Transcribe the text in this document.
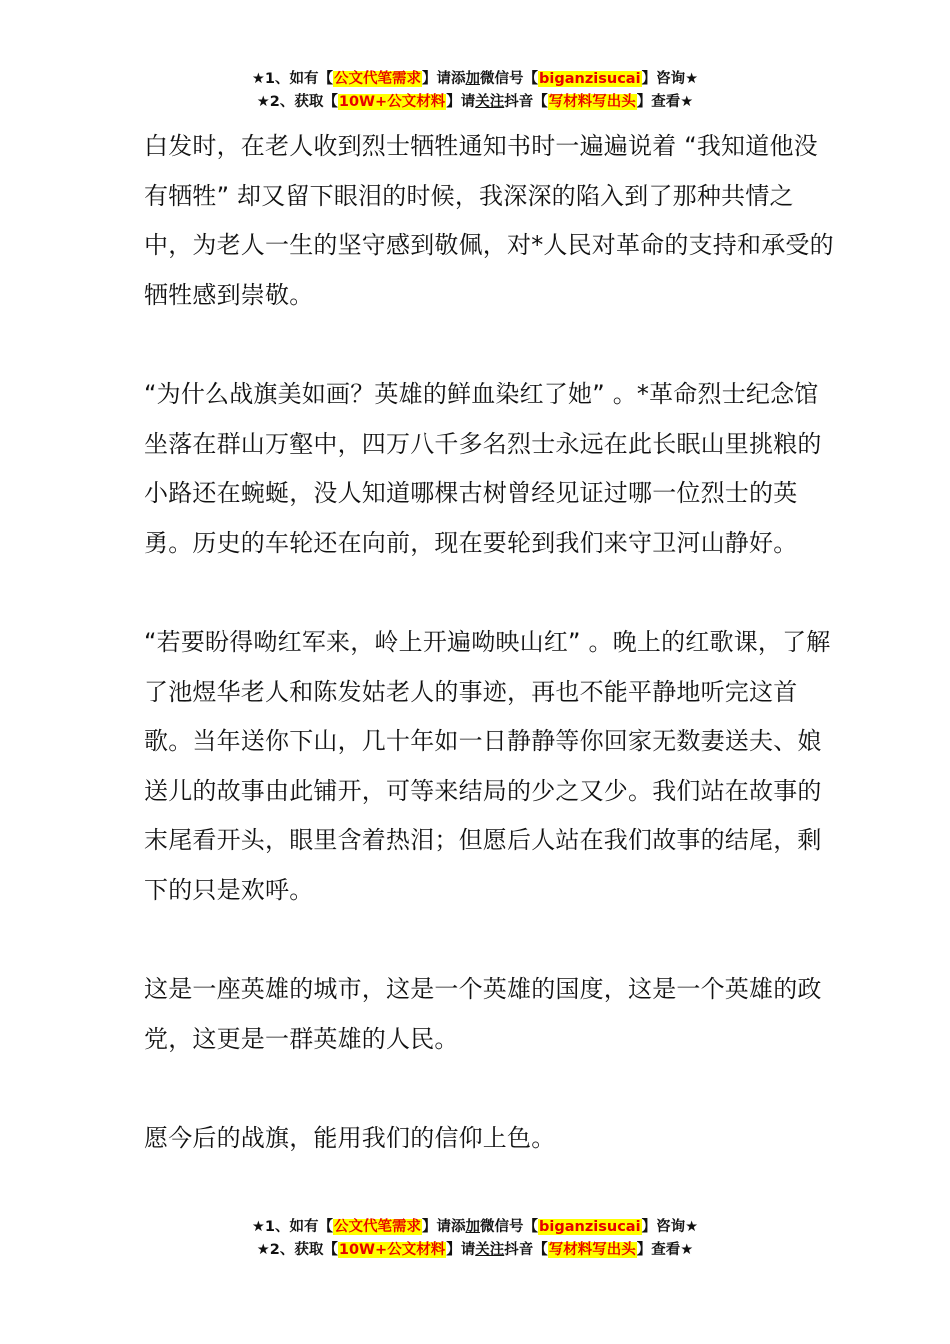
★1、如有【公文代笔需求】请添加微信号【biganzisucai】咨询★
★2、获取【10W+公文材料】请关注抖音【写材料写出头】查看★

白发时，在老人收到烈士牺牲通知书时一遍遍说着 “我知道他没有牺牲” 却又留下眼泪的时候，我深深的陷入到了那种共情之中，为老人一生的坚守感到敬佩，对*人民对革命的支持和承受的牺牲感到崇敬。

“为什么战旗美如画？英雄的鲜血染红了她” 。*革命烈士纪念馆坐落在群山万壑中，四万八千多名烈士永远在此长眠山里挑粮的小路还在蜿蜒，没人知道哪棵古树曾经见证过哪一位烈士的英勇。历史的车轮还在向前，现在要轮到我们来守卫河山静好。

“若要盼得呦红军来，岭上开遍呦映山红” 。晚上的红歌课，了解了池煜华老人和陈发姑老人的事迹，再也不能平静地听完这首歌。当年送你下山，几十年如一日静静等你回家无数妻送夫、娘送儿的故事由此铺开，可等来结局的少之又少。我们站在故事的末尾看开头，眼里含着热泪；但愿后人站在我们故事的结尾，剩下的只是欢呼。

这是一座英雄的城市，这是一个英雄的国度，这是一个英雄的政党，这更是一群英雄的人民。

愿今后的战旗，能用我们的信仰上色。

★1、如有【公文代笔需求】请添加微信号【biganzisucai】咨询★
★2、获取【10W+公文材料】请关注抖音【写材料写出头】查看★
